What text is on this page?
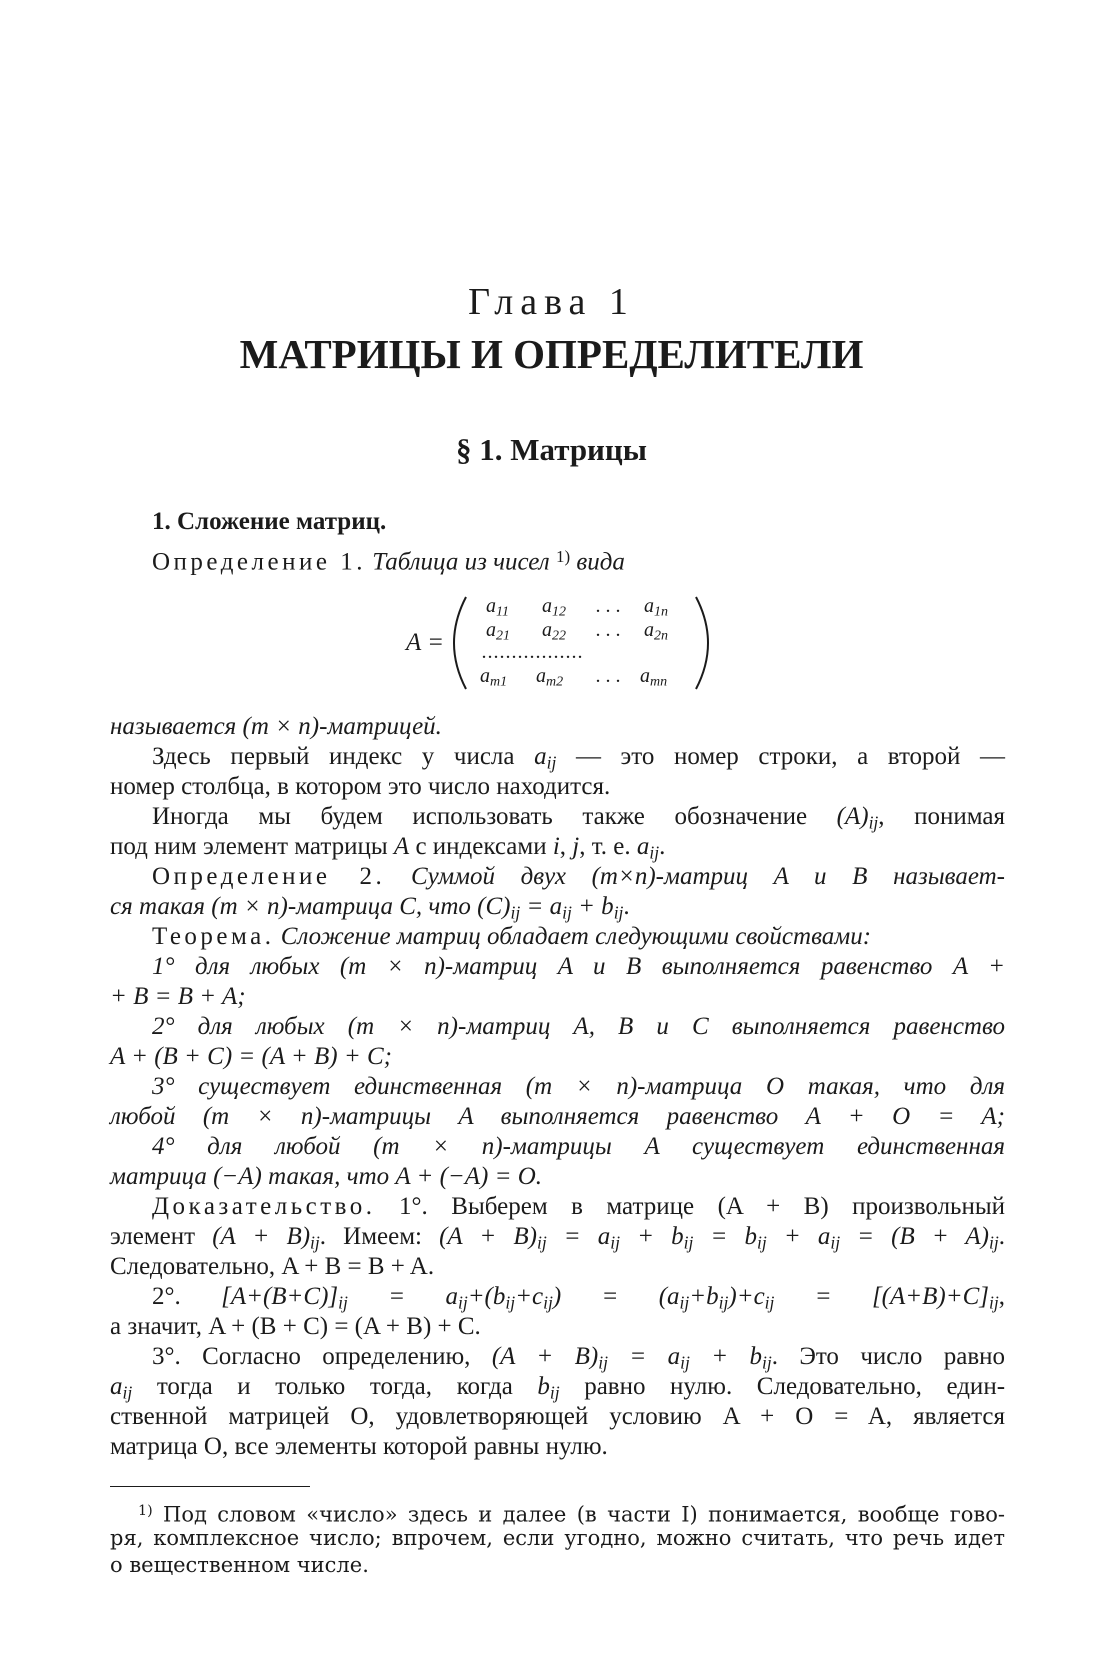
Глава 1
МАТРИЦЫ И ОПРЕДЕЛИТЕЛИ
§ 1. Матрицы
1. Сложение матриц.
Определение 1. Таблица из чисел $^{1)}$ вида
A =
$a_{11}$ $a_{12}$ . . . $a_{1n}$
$a_{21}$ $a_{22}$ . . . $a_{2n}$
.................
$a_{m1}$ $a_{m2}$ . . . $a_{mn}$
называется (m × n)-матрицей.
Здесь первый индекс у числа $a_{ij}$ — это номер строки, а второй —
номер столбца, в котором это число находится.
Иногда мы будем использовать также обозначение $(A)_{ij}$, понимая
под ним элемент матрицы A с индексами i, j, т. е. $a_{ij}$.
Определение 2. Суммой двух (m×n)-матриц A и B называет-
ся такая (m × n)-матрица C, что $(C)_{ij} = a_{ij} + b_{ij}$.
Теорема. Сложение матриц обладает следующими свойствами:
1° для любых (m × n)-матриц A и B выполняется равенство A +
+ B = B + A;
2° для любых (m × n)-матриц A, B и C выполняется равенство
A + (B + C) = (A + B) + C;
3° существует единственная (m × n)-матрица O такая, что для
любой (m × n)-матрицы A выполняется равенство A + O = A;
4° для любой (m × n)-матрицы A существует единственная
матрица (−A) такая, что A + (−A) = O.
Доказательство. 1°. Выберем в матрице (A + B) произвольный
элемент $(A + B)_{ij}$. Имеем: $(A + B)_{ij} = a_{ij} + b_{ij} = b_{ij} + a_{ij} = (B + A)_{ij}$.
Следовательно, A + B = B + A.
2°. $[A+(B+C)]_{ij} = a_{ij}+(b_{ij}+c_{ij}) = (a_{ij}+b_{ij})+c_{ij} = [(A+B)+C]_{ij}$,
а значит, A + (B + C) = (A + B) + C.
3°. Согласно определению, $(A + B)_{ij} = a_{ij} + b_{ij}$. Это число равно
$a_{ij}$ тогда и только тогда, когда $b_{ij}$ равно нулю. Следовательно, един-
ственной матрицей O, удовлетворяющей условию A + O = A, является
матрица O, все элементы которой равны нулю.
$^{1)}$ Под словом «число» здесь и далее (в части I) понимается, вообще гово-
ря, комплексное число; впрочем, если угодно, можно считать, что речь идет
о вещественном числе.
